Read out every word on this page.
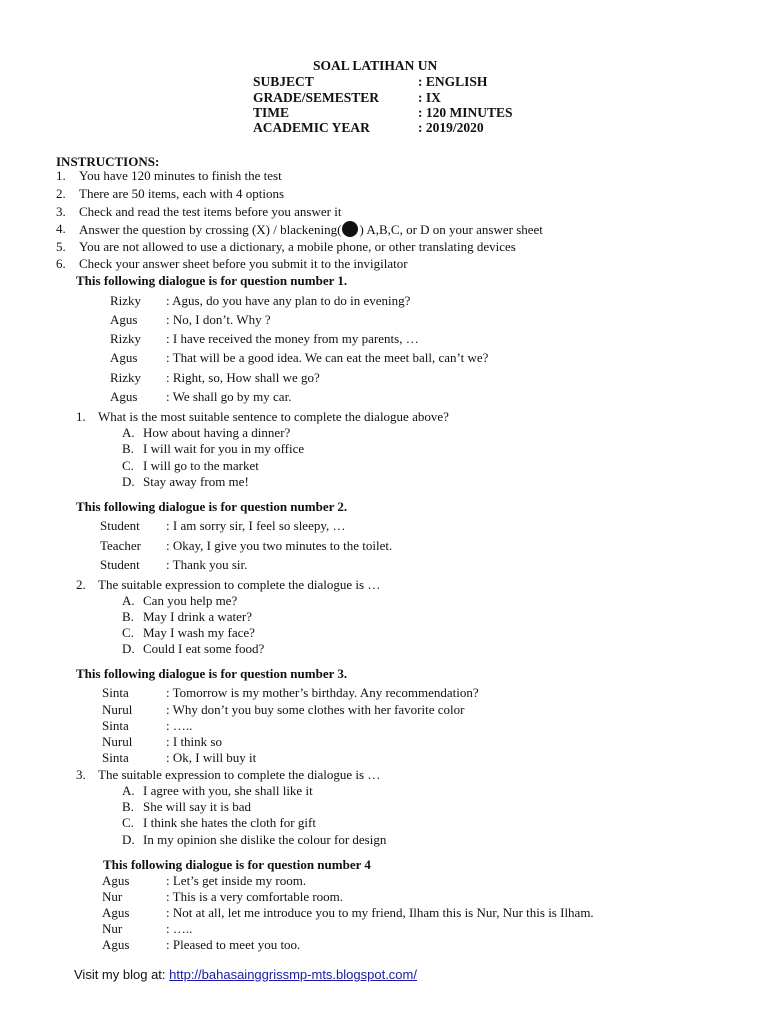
SOAL LATIHAN UN
SUBJECT	: ENGLISH
GRADE/SEMESTER	: IX
TIME	: 120 MINUTES
ACADEMIC YEAR	: 2019/2020
INSTRUCTIONS:
1. You have 120 minutes to finish the test
2. There are 50 items, each with 4 options
3. Check and read the test items before you answer it
4. Answer the question by crossing (X) / blackening( ) A,B,C, or D on your answer sheet
5. You are not allowed to use a dictionary, a mobile phone, or other translating devices
6. Check your answer sheet before you submit it to the invigilator
This following dialogue is for question number 1.
Rizky : Agus, do you have any plan to do in evening?
Agus : No, I don’t. Why ?
Rizky : I have received the money from my parents, …
Agus : That will be a good idea. We can eat the meet ball, can’t we?
Rizky : Right, so, How shall we go?
Agus : We shall go by my car.
1. What is the most suitable sentence to complete the dialogue above?
A. How about having a dinner?
B. I will wait for you in my office
C. I will go to the market
D. Stay away from me!
This following dialogue is for question number 2.
Student : I am sorry sir, I feel so sleepy, …
Teacher : Okay, I give you two minutes to the toilet.
Student : Thank you sir.
2. The suitable expression to complete the dialogue is …
A. Can you help me?
B. May I drink a water?
C. May I wash my face?
D. Could I eat some food?
This following dialogue is for question number 3.
Sinta	: Tomorrow is my mother’s birthday. Any recommendation?
Nurul	: Why don’t you buy some clothes with her favorite color
Sinta	: …..
Nurul	: I think so
Sinta	: Ok, I will buy it
3. The suitable expression to complete the dialogue is …
A. I agree with you, she shall like it
B. She will say it is bad
C. I think she hates the cloth for gift
D. In my opinion she dislike the colour for design
This following dialogue is for question number 4
Agus	: Let’s get inside my room.
Nur	: This is a very comfortable room.
Agus	: Not at all, let me introduce you to my friend, Ilham this is Nur, Nur this is Ilham.
Nur	: …..
Agus	: Pleased to meet you too.
Visit my blog at: http://bahasainggrissmp-mts.blogspot.com/
